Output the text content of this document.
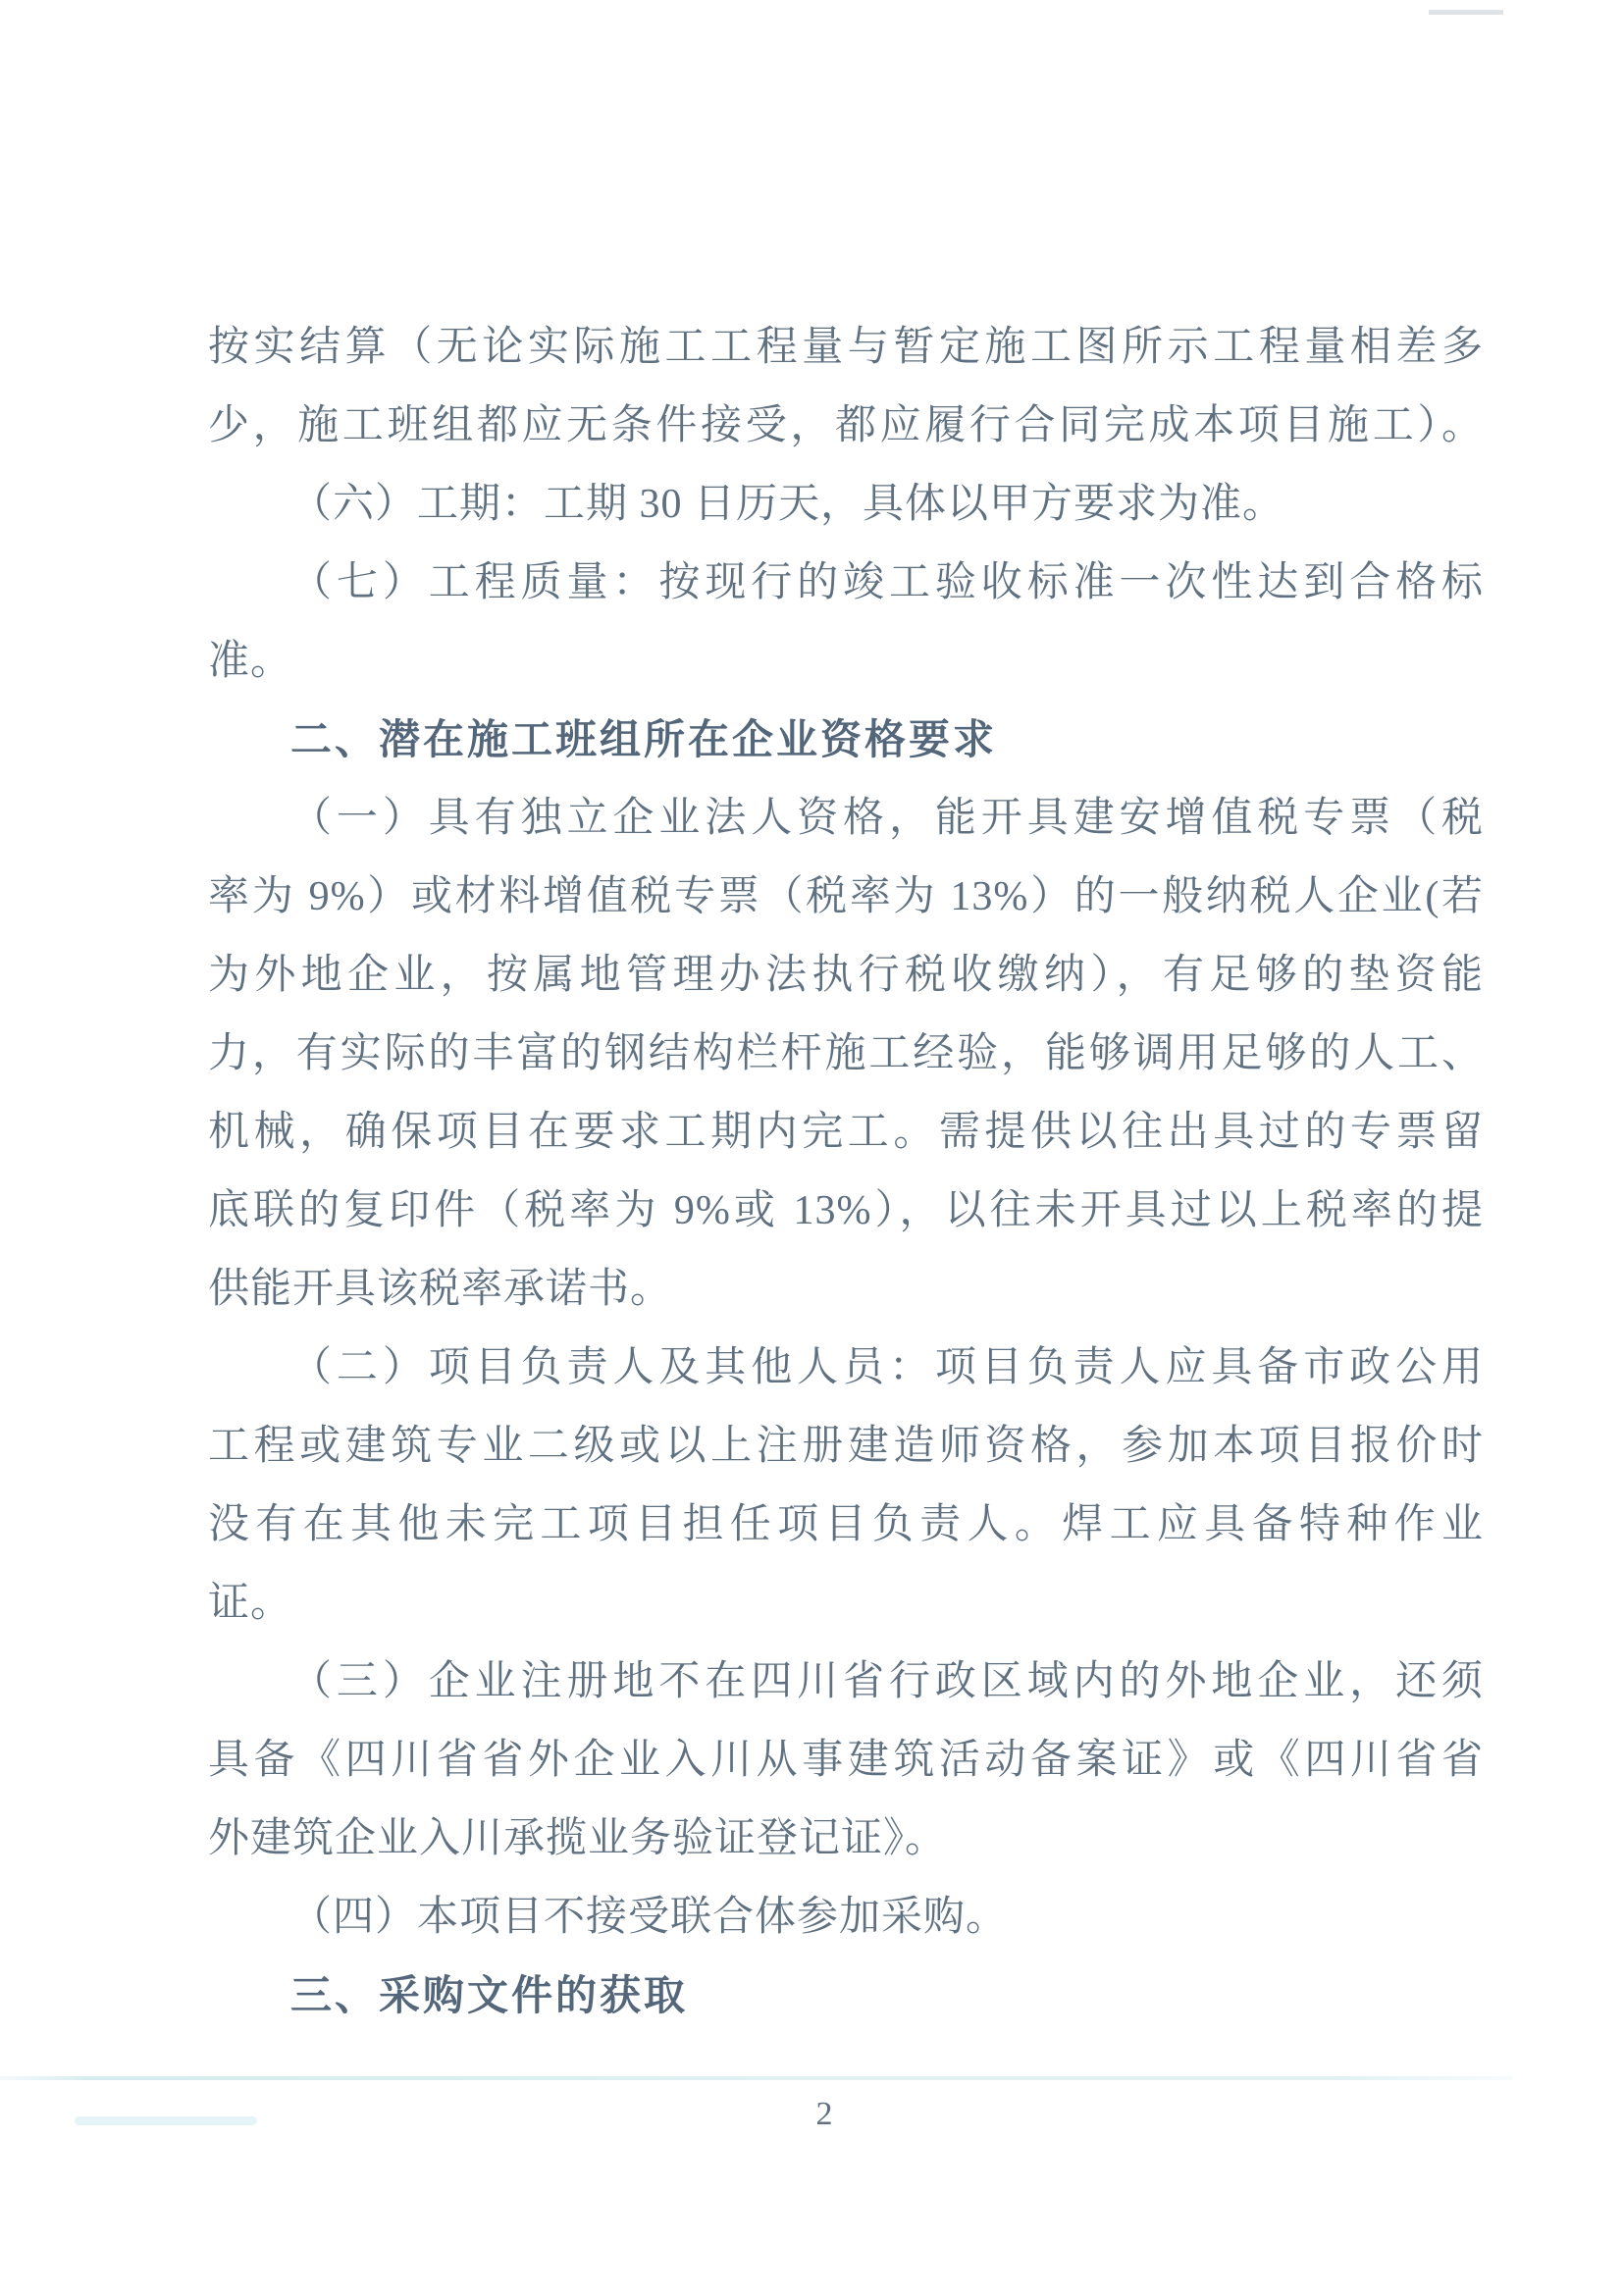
按实结算（无论实际施工工程量与暂定施工图所示工程量相差多
少，施工班组都应无条件接受，都应履行合同完成本项目施工）。
（六）工期：工期 30 日历天，具体以甲方要求为准。
（七）工程质量：按现行的竣工验收标准一次性达到合格标
准。
二、潜在施工班组所在企业资格要求
（一）具有独立企业法人资格，能开具建安增值税专票（税
率为 9%）或材料增值税专票（税率为 13%）的一般纳税人企业(若
为外地企业，按属地管理办法执行税收缴纳），有足够的垫资能
力，有实际的丰富的钢结构栏杆施工经验，能够调用足够的人工、
机械，确保项目在要求工期内完工。需提供以往出具过的专票留
底联的复印件（税率为 9%或 13%），以往未开具过以上税率的提
供能开具该税率承诺书。
（二）项目负责人及其他人员：项目负责人应具备市政公用
工程或建筑专业二级或以上注册建造师资格，参加本项目报价时
没有在其他未完工项目担任项目负责人。焊工应具备特种作业
证。
（三）企业注册地不在四川省行政区域内的外地企业，还须
具备《四川省省外企业入川从事建筑活动备案证》或《四川省省
外建筑企业入川承揽业务验证登记证》。
（四）本项目不接受联合体参加采购。
三、采购文件的获取
2
